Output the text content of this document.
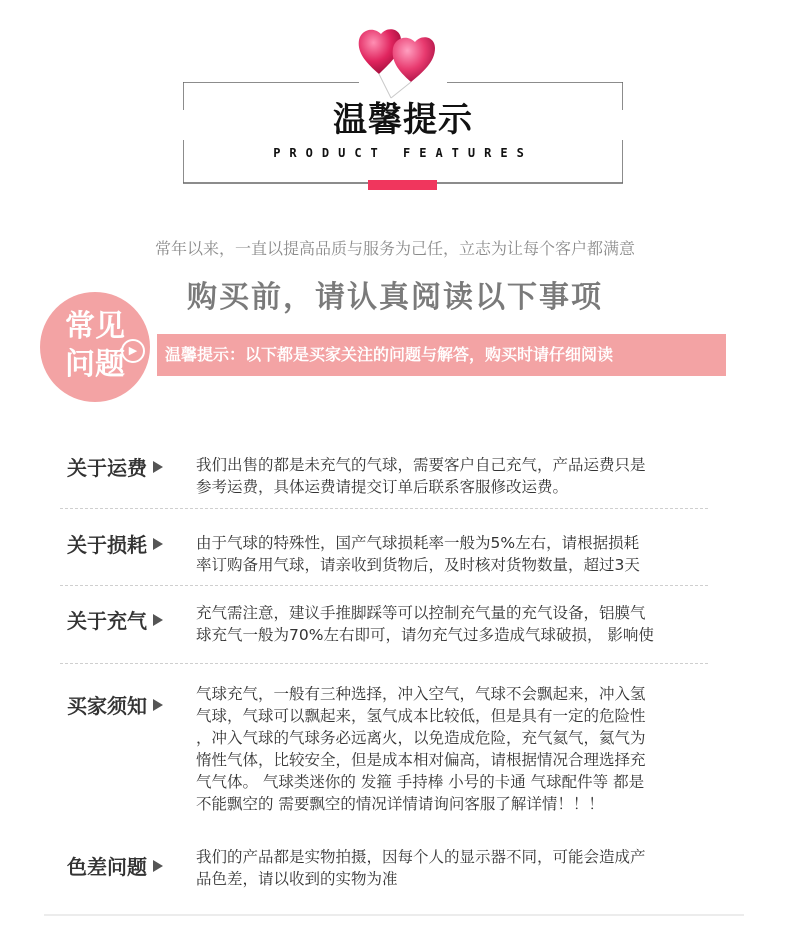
温馨提示
PRODUCT FEATURES
常年以来，一直以提高品质与服务为己任，立志为让每个客户都满意
购买前，请认真阅读以下事项
常见
问题 ▶	温馨提示：以下都是买家关注的问题与解答，购买时请仔细阅读
关于运费	我们出售的都是未充气的气球，需要客户自己充气，产品运费只是
参考运费，具体运费请提交订单后联系客服修改运费。
关于损耗	由于气球的特殊性，国产气球损耗率一般为5%左右，请根据损耗
率订购备用气球，请亲收到货物后，及时核对货物数量，超过3天
关于充气	充气需注意，建议手推脚踩等可以控制充气量的充气设备，铝膜气
球充气一般为70%左右即可，请勿充气过多造成气球破损， 影响使
买家须知	气球充气，一般有三种选择，冲入空气，气球不会飘起来，冲入氢
气球，气球可以飘起来，氢气成本比较低，但是具有一定的危险性
，冲入气球的气球务必远离火，以免造成危险，充气氦气，氦气为
惰性气体，比较安全，但是成本相对偏高，请根据情况合理选择充
气气体。 气球类迷你的 发箍 手持棒 小号的卡通 气球配件等 都是
不能飘空的 需要飘空的情况详情请询问客服了解详情！！！
色差问题	我们的产品都是实物拍摄，因每个人的显示器不同，可能会造成产
品色差，请以收到的实物为准
